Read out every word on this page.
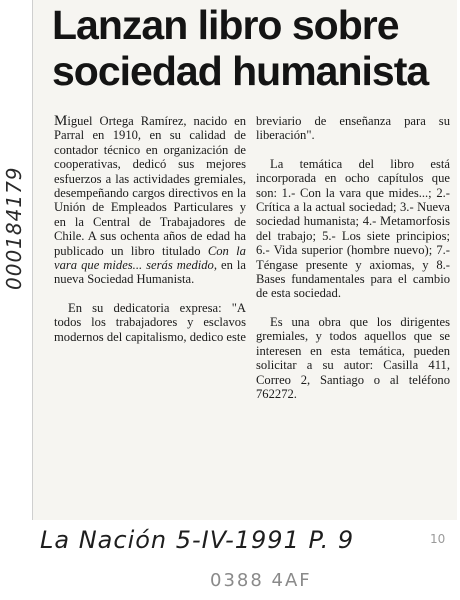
Lanzan libro sobre
sociedad humanista

Miguel Ortega Ramírez, nacido en Parral en 1910, en su calidad de contador técnico en organización de cooperativas, dedicó sus mejores esfuerzos a las actividades gremiales, desempeñando cargos directivos en la Unión de Empleados Particulares y en la Central de Trabajadores de Chile. A sus ochenta años de edad ha publicado un libro titulado Con la vara que mides... serás medido, en la nueva Sociedad Humanista.

En su dedicatoria expresa: "A todos los trabajadores y esclavos modernos del capitalismo, dedico este

breviario de enseñanza para su liberación".

La temática del libro está incorporada en ocho capítulos que son: 1.- Con la vara que mides...; 2.- Crítica a la actual sociedad; 3.- Nueva sociedad humanista; 4.- Metamorfosis del trabajo; 5.- Los siete principios; 6.- Vida superior (hombre nuevo); 7.- Téngase presente y axiomas, y 8.- Bases fundamentales para el cambio de esta sociedad.

Es una obra que los dirigentes gremiales, y todos aquellos que se interesen en esta temática, pueden solicitar a su autor: Casilla 411, Correo 2, Santiago o al teléfono 762272.

000184179
La Nación 5-IV-1991 P. 9	10
0388 4AF
